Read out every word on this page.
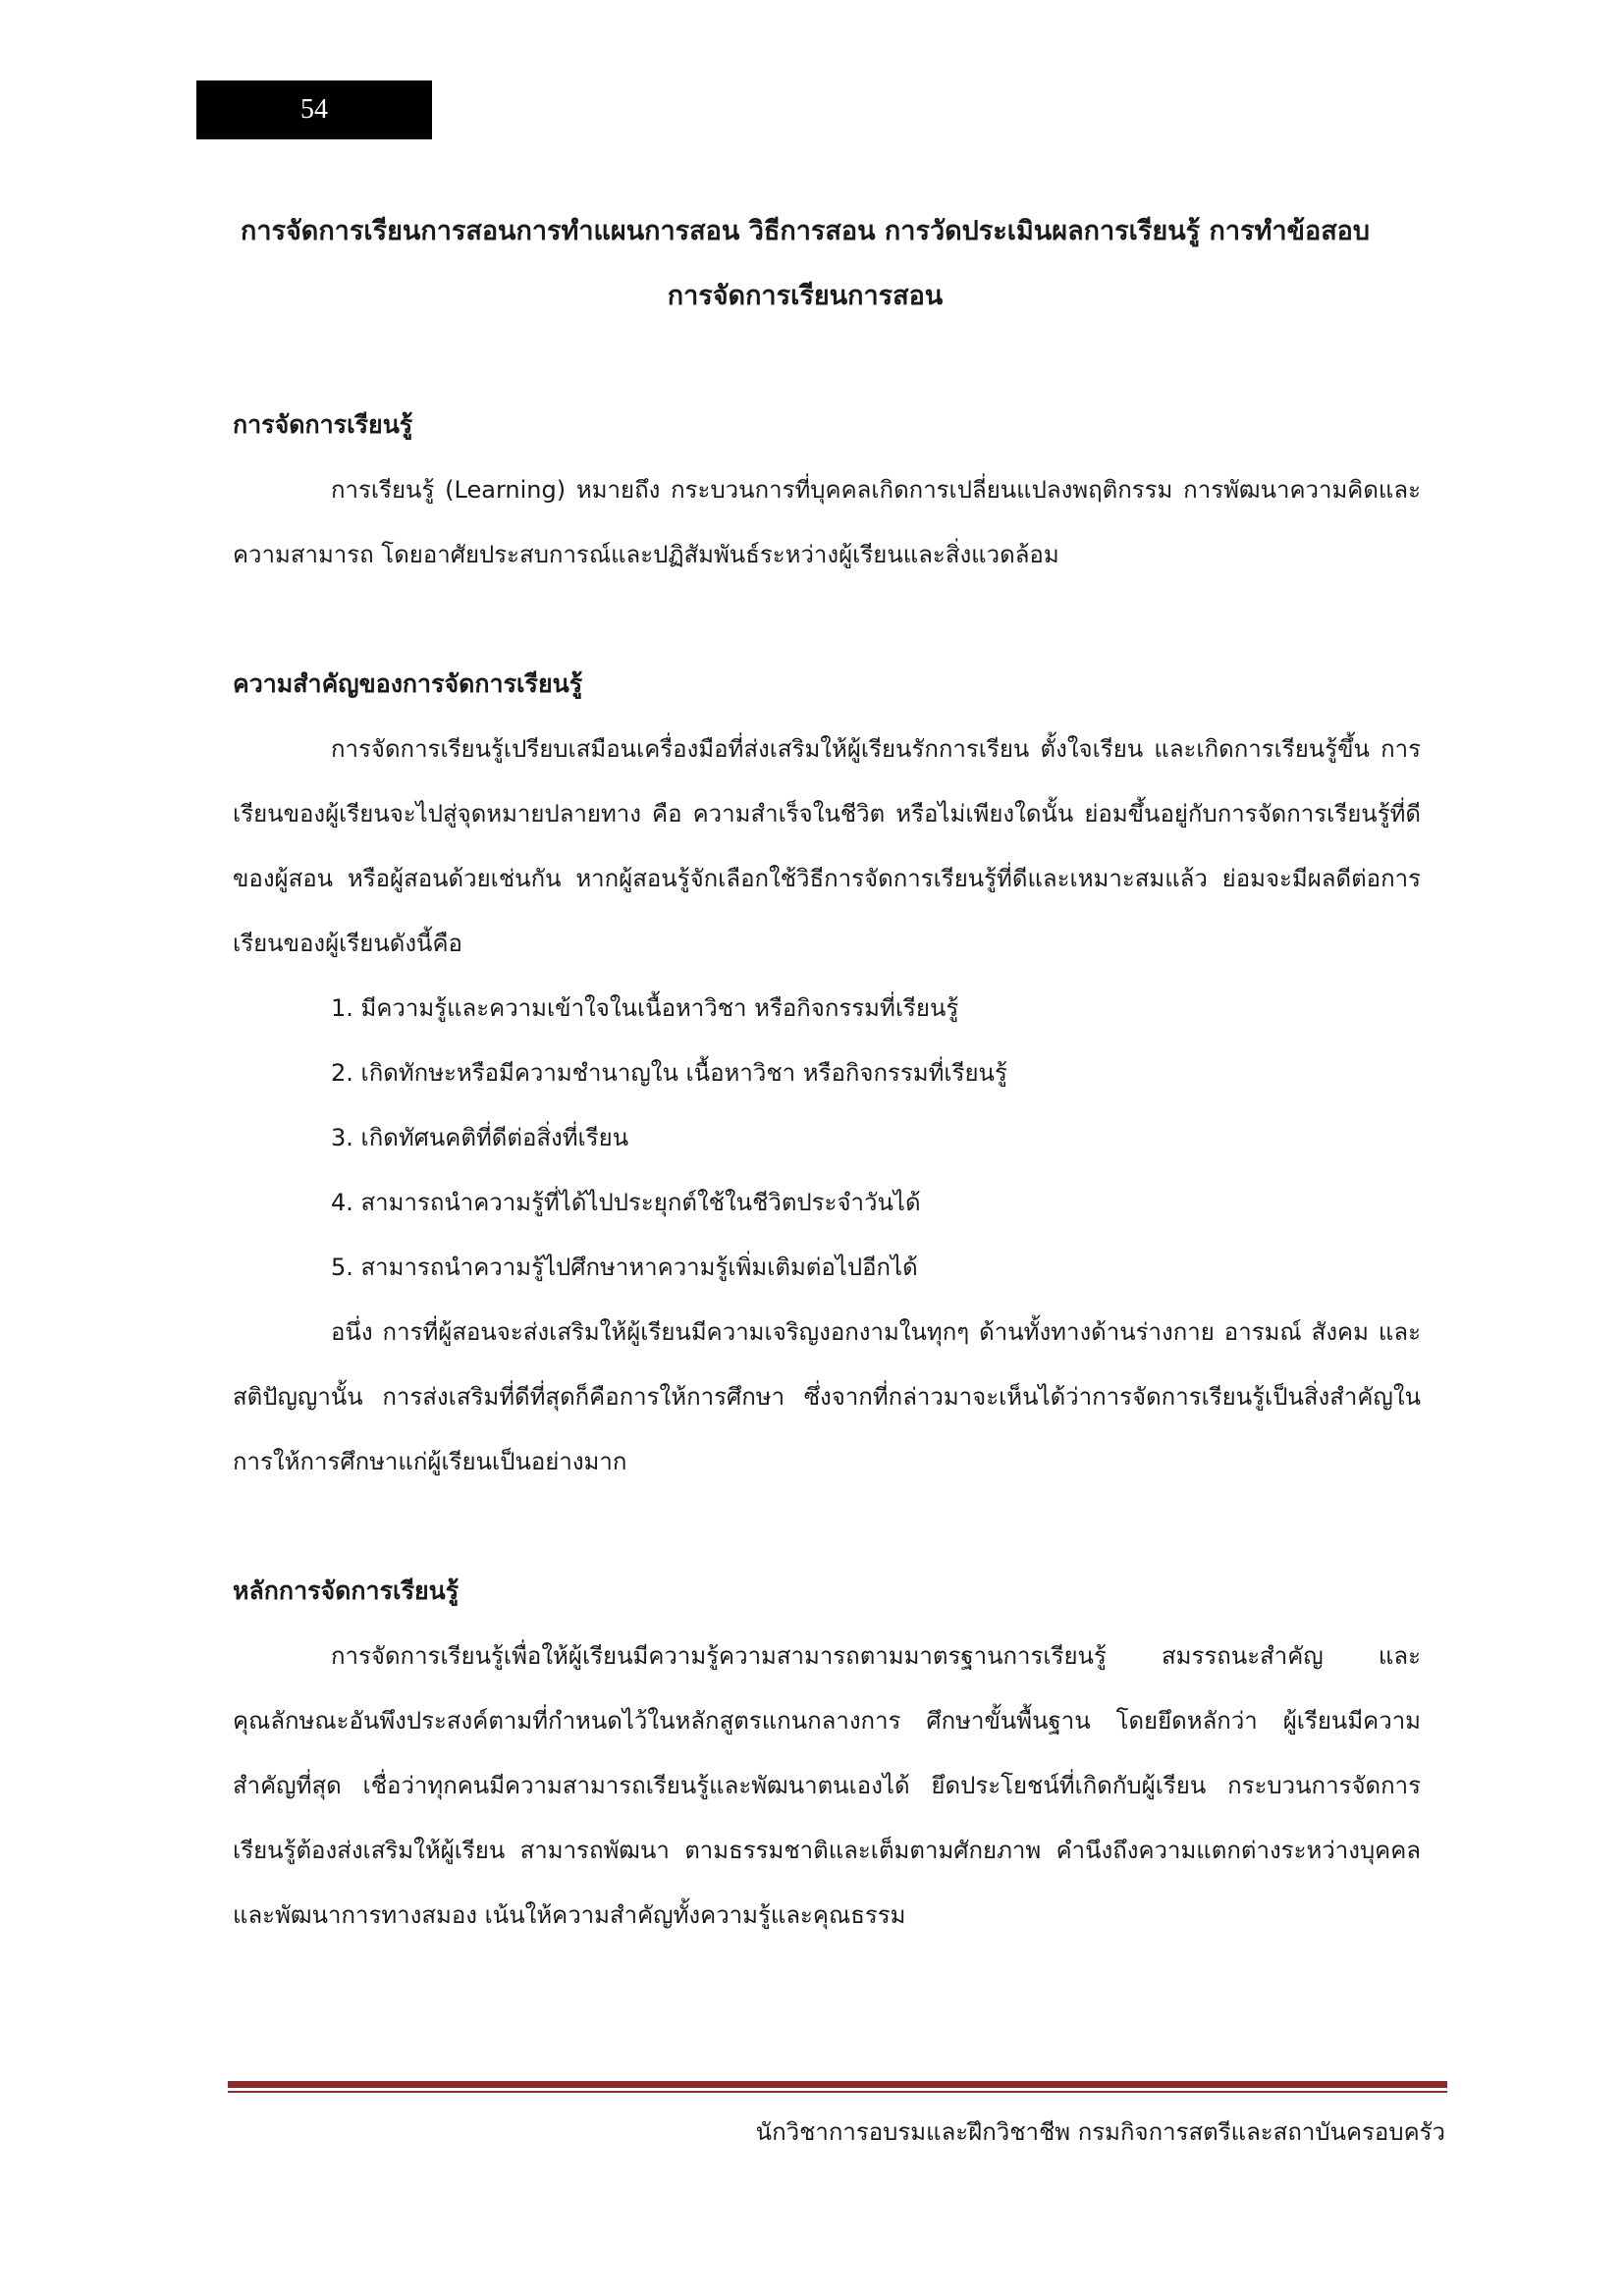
54
การจัดการเรียนการสอนการทำแผนการสอน วิธีการสอน การวัดประเมินผลการเรียนรู้ การทำข้อสอบ
การจัดการเรียนการสอน
การจัดการเรียนรู้

การเรียนรู้ (Learning) หมายถึง กระบวนการที่บุคคลเกิดการเปลี่ยนแปลงพฤติกรรม การพัฒนาความคิดและความสามารถ โดยอาศัยประสบการณ์และปฏิสัมพันธ์ระหว่างผู้เรียนและสิ่งแวดล้อม

ความสำคัญของการจัดการเรียนรู้

การจัดการเรียนรู้เปรียบเสมือนเครื่องมือที่ส่งเสริมให้ผู้เรียนรักการเรียน ตั้งใจเรียน และเกิดการเรียนรู้ขึ้น การเรียนของผู้เรียนจะไปสู่จุดหมายปลายทาง คือ ความสำเร็จในชีวิต หรือไม่เพียงใดนั้น ย่อมขึ้นอยู่กับการจัดการเรียนรู้ที่ดีของผู้สอน หรือผู้สอนด้วยเช่นกัน หากผู้สอนรู้จักเลือกใช้วิธีการจัดการเรียนรู้ที่ดีและเหมาะสมแล้ว ย่อมจะมีผลดีต่อการเรียนของผู้เรียนดังนี้คือ

1. มีความรู้และความเข้าใจในเนื้อหาวิชา หรือกิจกรรมที่เรียนรู้
2. เกิดทักษะหรือมีความชำนาญใน เนื้อหาวิชา หรือกิจกรรมที่เรียนรู้
3. เกิดทัศนคติที่ดีต่อสิ่งที่เรียน
4. สามารถนำความรู้ที่ได้ไปประยุกต์ใช้ในชีวิตประจำวันได้
5. สามารถนำความรู้ไปศึกษาหาความรู้เพิ่มเติมต่อไปอีกได้

อนึ่ง การที่ผู้สอนจะส่งเสริมให้ผู้เรียนมีความเจริญงอกงามในทุกๆ ด้านทั้งทางด้านร่างกาย อารมณ์ สังคม และสติปัญญานั้น การส่งเสริมที่ดีที่สุดก็คือการให้การศึกษา ซึ่งจากที่กล่าวมาจะเห็นได้ว่าการจัดการเรียนรู้เป็นสิ่งสำคัญในการให้การศึกษาแก่ผู้เรียนเป็นอย่างมาก

หลักการจัดการเรียนรู้

การจัดการเรียนรู้เพื่อให้ผู้เรียนมีความรู้ความสามารถตามมาตรฐานการเรียนรู้ สมรรถนะสำคัญ และคุณลักษณะอันพึงประสงค์ตามที่กำหนดไว้ในหลักสูตรแกนกลางการ ศึกษาขั้นพื้นฐาน โดยยึดหลักว่า ผู้เรียนมีความสำคัญที่สุด เชื่อว่าทุกคนมีความสามารถเรียนรู้และพัฒนาตนเองได้ ยึดประโยชน์ที่เกิดกับผู้เรียน กระบวนการจัดการเรียนรู้ต้องส่งเสริมให้ผู้เรียน สามารถพัฒนา ตามธรรมชาติและเต็มตามศักยภาพ คำนึงถึงความแตกต่างระหว่างบุคคลและพัฒนาการทางสมอง เน้นให้ความสำคัญทั้งความรู้และคุณธรรม

นักวิชาการอบรมและฝึกวิชาชีพ กรมกิจการสตรีและสถาบันครอบครัว
